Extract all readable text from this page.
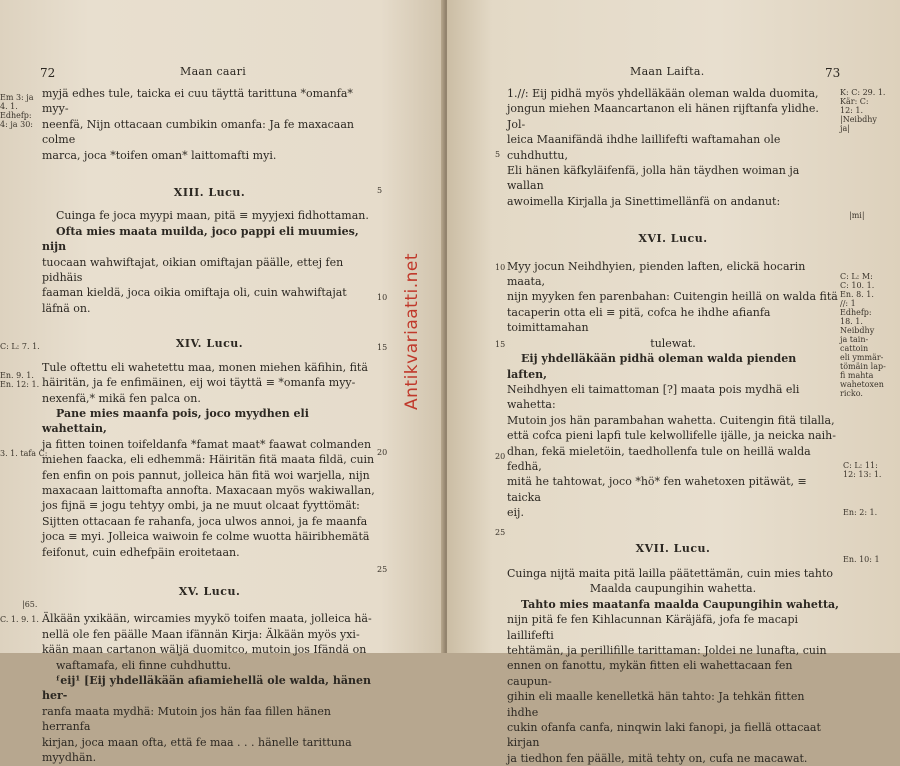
72	Maan caari
Em 3: ja
4. 1.
Edhefp:
4: ja 30:
C: L: 7. 1.
En. 9. 1.
En. 12: 1.
3. 1. tafa C:
|65.
C. 1. 9. 1.
5
10
15
20
25

myjä edhes tule, taicka ei cuu täyttä tarittuna *omanfa* myy-

neenfä, Nijn ottacaan cumbikin omanfa: Ja fe maxacaan colme

marca, joca *toifen oman* laittomafti myi.

XIII. Lucu.

Cuinga fe joca myypi maan, pitä ≡ myyjexi fidhottaman.

Ofta mies maata muilda, joco pappi eli muumies, nijn

tuocaan wahwiftajat, oikian omiftajan päälle, ettej fen pidhäis

faaman kieldä, joca oikia omiftaja oli, cuin wahwiftajat läfnä on.

XIV. Lucu.

Tule oftettu eli wahetettu maa, monen miehen käfihin, fitä

häiritän, ja fe enfimäinen, eij woi täyttä ≡ *omanfa myy-

nexenfä,* mikä fen palca on.

Pane mies maanfa pois, joco myydhen eli wahettain,

ja fitten toinen toifeldanfa *famat maat* faawat colmanden

miehen faacka, eli edhemmä: Häiritän fitä maata fildä, cuin

fen enfin on pois pannut, jolleica hän fitä woi warjella, nijn

maxacaan laittomafta annofta. Maxacaan myös wakiwallan,

jos fijnä ≡ jogu tehtyy ombi, ja ne muut olcaat fyyttömät:

Sijtten ottacaan fe rahanfa, joca ulwos annoi, ja fe maanfa

joca ≡ myi. Jolleica waiwoin fe colme wuotta häiribhemätä

feifonut, cuin edhefpäin eroitetaan.

XV. Lucu.

Älkään yxikään, wircamies myykö toifen maata, jolleica hä-

nellä ole fen päälle Maan ifännän Kirja: Älkään myös yxi-

kään maan cartanon wäljä duomitco, mutoin jos Ifändä on

waftamafa, eli finne cuhdhuttu.

ᶠeij¹ [Eij yhdelläkään afiamiehellä ole walda, hänen her-

ranfa maata mydhä: Mutoin jos hän faa fillen hänen herranfa

kirjan, joca maan ofta, että fe maa . . . hänelle tarittuna myydhän.

Antikvariaatti.net
Maan Laifta.	73
5
10
15
20
25
K: C: 29. 1.
Kär: C:
12: 1.
|Neibdhy
ja|
|mi|
C: L: M:
C: 10. 1.
En. 8. 1.
//: 1
Edhefp:
18. 1.
Neibdhy
ja tain-
cattoin
eli ymmär-
tömäin lap-
fi mahta
wahetoxen
ricko.
C: L: 11:
12: 13: 1.
En: 2: 1.
En. 10: 1

1.//: Eij pidhä myös yhdelläkään oleman walda duomita,

jongun miehen Maancartanon eli hänen rijftanfa ylidhe. Jol-

leica Maanifändä ihdhe laillifefti waftamahan ole cuhdhuttu,

Eli hänen käfkyläifenfä, jolla hän täydhen woiman ja wallan

awoimella Kirjalla ja Sinettimellänfä on andanut:

XVI. Lucu.

Myy jocun Neihdhyien, pienden laften, elickä hocarin maata,

nijn myyken fen parenbahan: Cuitengin heillä on walda fitä

tacaperin otta eli ≡ pitä, cofca he ihdhe afianfa toimittamahan

tulewat.

Eij yhdelläkään pidhä oleman walda pienden laften,

Neihdhyen eli taimattoman [?] maata pois mydhä eli wahetta:

Mutoin jos hän parambahan wahetta. Cuitengin fitä tilalla,

että cofca pieni lapfi tule kelwollifelle ijälle, ja neicka naih-

dhan, fekä mieletöin, taedhollenfa tule on heillä walda fedhä,

mitä he tahtowat, joco *hö* fen wahetoxen pitäwät, ≡ taicka

eij.

XVII. Lucu.

Cuinga nijtä maita pitä lailla päätettämän, cuin mies tahto

Maalda caupungihin wahetta.

Tahto mies maatanfa maalda Caupungihin wahetta,

nijn pitä fe fen Kihlacunnan Käräjäfä, jofa fe macapi laillifefti

tehtämän, ja perillifille tarittaman: Joldei ne lunafta, cuin

ennen on fanottu, mykän fitten eli wahettacaan fen caupun-

gihin eli maalle kenelletkä hän tahto: Ja tehkän fitten ihdhe

cukin ofanfa canfa, ninqwin laki fanopi, ja fiellä ottacaat kirjan

ja tiedhon fen päälle, mitä tehty on, cufa ne macawat.
